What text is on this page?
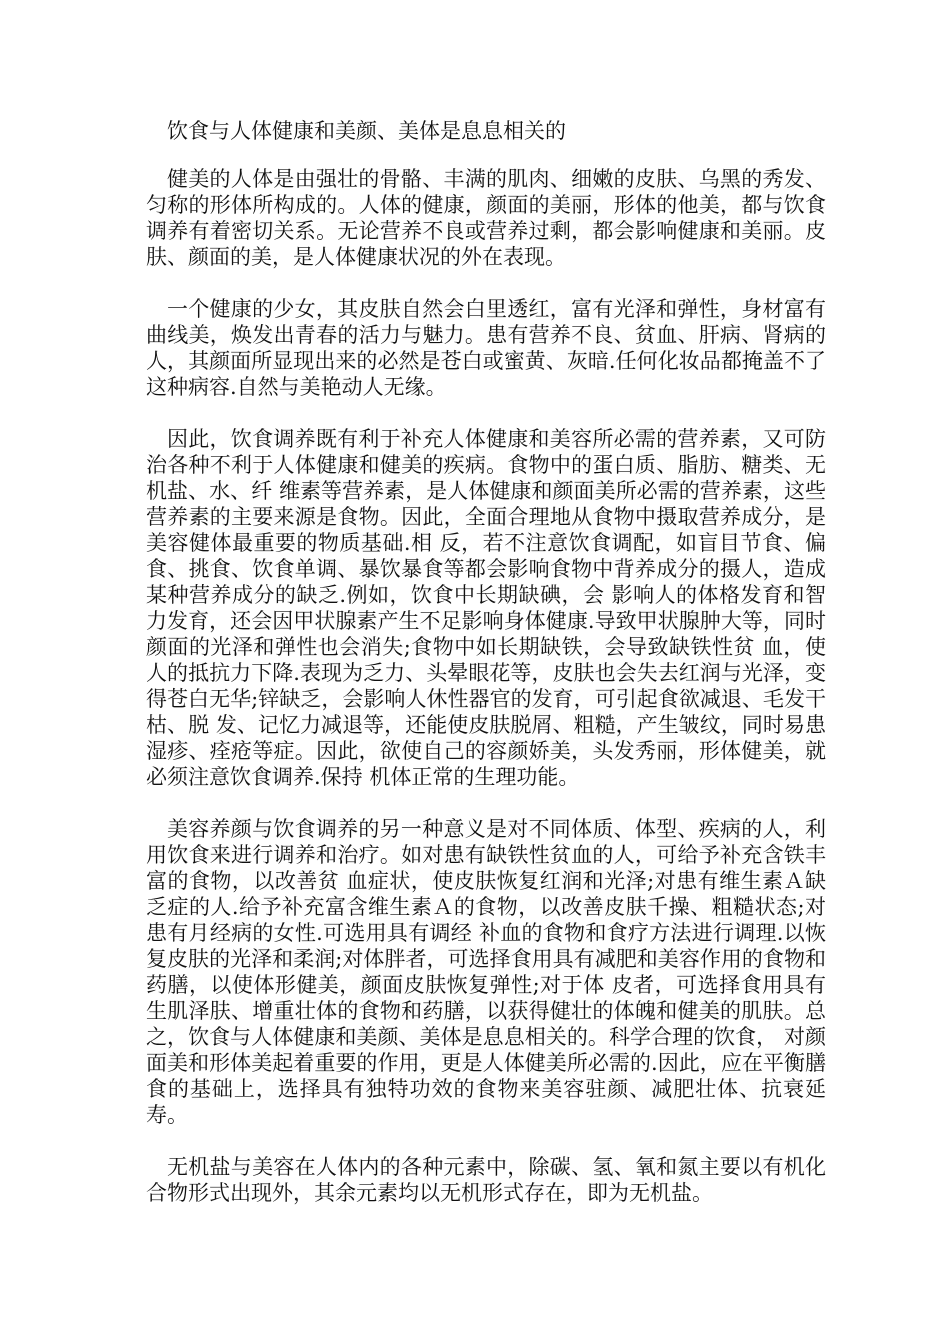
饮食与人体健康和美颜、美体是息息相关的

健美的人体是由强壮的骨骼、丰满的肌肉、细嫩的皮肤、乌黑的秀发、匀称的形体所构成的。人体的健康，颜面的美丽，形体的他美，都与饮食调养有着密切关系。无论营养不良或营养过剩，都会影响健康和美丽。皮肤、颜面的美，是人体健康状况的外在表现。

一个健康的少女，其皮肤自然会白里透红，富有光泽和弹性，身材富有曲线美，焕发出青春的活力与魅力。患有营养不良、贫血、肝病、肾病的人，其颜面所显现出来的必然是苍白或蜜黄、灰暗.任何化妆品都掩盖不了这种病容.自然与美艳动人无缘。

因此，饮食调养既有利于补充人体健康和美容所必需的营养素，又可防治各种不利于人体健康和健美的疾病。食物中的蛋白质、脂肪、糖类、无机盐、水、纤 维素等营养素，是人体健康和颜面美所必需的营养素，这些营养素的主要来源是食物。因此，全面合理地从食物中摄取营养成分，是美容健体最重要的物质基础.相 反，若不注意饮食调配，如盲目节食、偏食、挑食、饮食单调、暴饮暴食等都会影响食物中背养成分的摄人，造成某种营养成分的缺乏.例如，饮食中长期缺碘，会 影响人的体格发育和智力发育，还会因甲状腺素产生不足影响身体健康.导致甲状腺肿大等，同时颜面的光泽和弹性也会消失;食物中如长期缺铁，会导致缺铁性贫 血，使人的抵抗力下降.表现为乏力、头晕眼花等，皮肤也会失去红润与光泽，变得苍白无华;锌缺乏，会影响人休性器官的发育，可引起食欲减退、毛发干枯、脱 发、记忆力减退等，还能使皮肤脱屑、粗糙，产生皱纹，同时易患湿疹、痊疮等症。因此，欲使自己的容颜娇美，头发秀丽，形体健美，就必须注意饮食调养.保持 机体正常的生理功能。

美容养颜与饮食调养的另一种意义是对不同体质、体型、疾病的人，利用饮食来进行调养和治疗。如对患有缺铁性贫血的人，可给予补充含铁丰富的食物，以改善贫 血症状，使皮肤恢复红润和光泽;对患有维生素Ａ缺乏症的人.给予补充富含维生素Ａ的食物，以改善皮肤千操、粗糙状态;对患有月经病的女性.可选用具有调经 补血的食物和食疗方法进行调理.以恢复皮肤的光泽和柔润;对体胖者，可选择食用具有减肥和美容作用的食物和药膳，以使体形健美，颜面皮肤恢复弹性;对于体 皮者，可选择食用具有生肌泽肤、增重壮体的食物和药膳，以获得健壮的体魄和健美的肌肤。总之，饮食与人体健康和美颜、美体是息息相关的。科学合理的饮食， 对颜面美和形体美起着重要的作用，更是人体健美所必需的.因此，应在平衡膳食的基础上，选择具有独特功效的食物来美容驻颜、减肥壮体、抗衰延 寿。

无机盐与美容在人体内的各种元素中，除碳、氢、氧和氮主要以有机化合物形式出现外，其余元素均以无机形式存在，即为无机盐。
